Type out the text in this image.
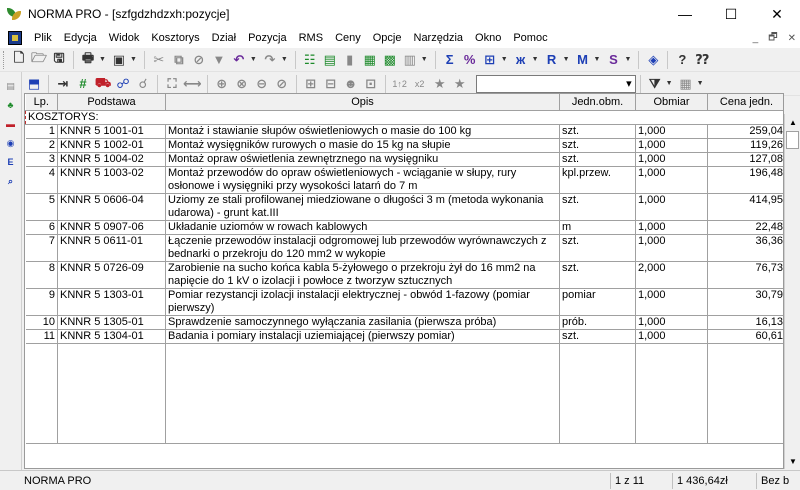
NORMA PRO - [szfgdzhdzxh:pozycje]	—	☐	✕
Plik	Edycja	Widok	Kosztorys	Dział	Pozycja	RMS	Ceny	Opcje	Narzędzia	Okno	Pomoc	_ 🗗 ✕
🗋 🗁 🖫 🖶 ▼ ▣ ▼ ✂ ⧉ ⊘ ▼ ↶ ▼ ↷ ▼ ☷ ▤ ▮ ▦ ▩ ▥ ▼	Σ % ⊞ ▼ ж ▼ R ▼ M ▼ S ▼	◈	? ⁇
▤
♣
▬
◉
E
⌕
⬒ ⇥ # ⛟ ☍ ☌	⛶ ⟷ ⊕ ⊗ ⊖ ⊘ ⊞ ⊟ ☻ ⊡	1↑2 x2 ★ ★ ▾	⧩ ▼ ▦ ▼
Lp.	Podstawa	Opis	Jedn.obm.	Obmiar	Cena jedn.
KOSZTORYS:					
1	KNNR 5 1001-01	Montaż i stawianie słupów oświetleniowych o masie do 100 kg	szt.	1,000	259,04
2	KNNR 5 1002-01	Montaż wysięgników rurowych o masie do 15 kg na słupie	szt.	1,000	119,26
3	KNNR 5 1004-02	Montaż opraw oświetlenia zewnętrznego na wysięgniku	szt.	1,000	127,08
4	KNNR 5 1003-02	Montaż przewodów do opraw oświetleniowych - wciąganie w słupy, rury osłonowe i wysięgniki przy wysokości latarń do 7 m	kpl.przew.	1,000	196,48
5	KNNR 5 0606-04	Uziomy ze stali profilowanej miedziowane o długości 3 m (metoda wykonania udarowa) - grunt kat.III	szt.	1,000	414,95
6	KNNR 5 0907-06	Układanie uziomów w rowach kablowych	m	1,000	22,48
7	KNNR 5 0611-01	Łączenie przewodów instalacji odgromowej lub przewodów wyrównawczych z bednarki o przekroju do 120 mm2 w wykopie	szt.	1,000	36,36
8	KNNR 5 0726-09	Zarobienie na sucho końca kabla 5-żyłowego o przekroju żył do 16 mm2 na napięcie do 1 kV o izolacji i powłoce z tworzyw sztucznych	szt.	2,000	76,73
9	KNNR 5 1303-01	Pomiar rezystancji izolacji instalacji elektrycznej - obwód 1-fazowy (pomiar pierwszy)	pomiar	1,000	30,79
10	KNNR 5 1305-01	Sprawdzenie samoczynnego wyłączania zasilania (pierwsza próba)	prób.	1,000	16,13
11	KNNR 5 1304-01	Badania i pomiary instalacji uziemiającej (pierwszy pomiar)	szt.	1,000	60,61

▲
▼
NORMA PRO	1 z 11	1 436,64zł	Bez b
